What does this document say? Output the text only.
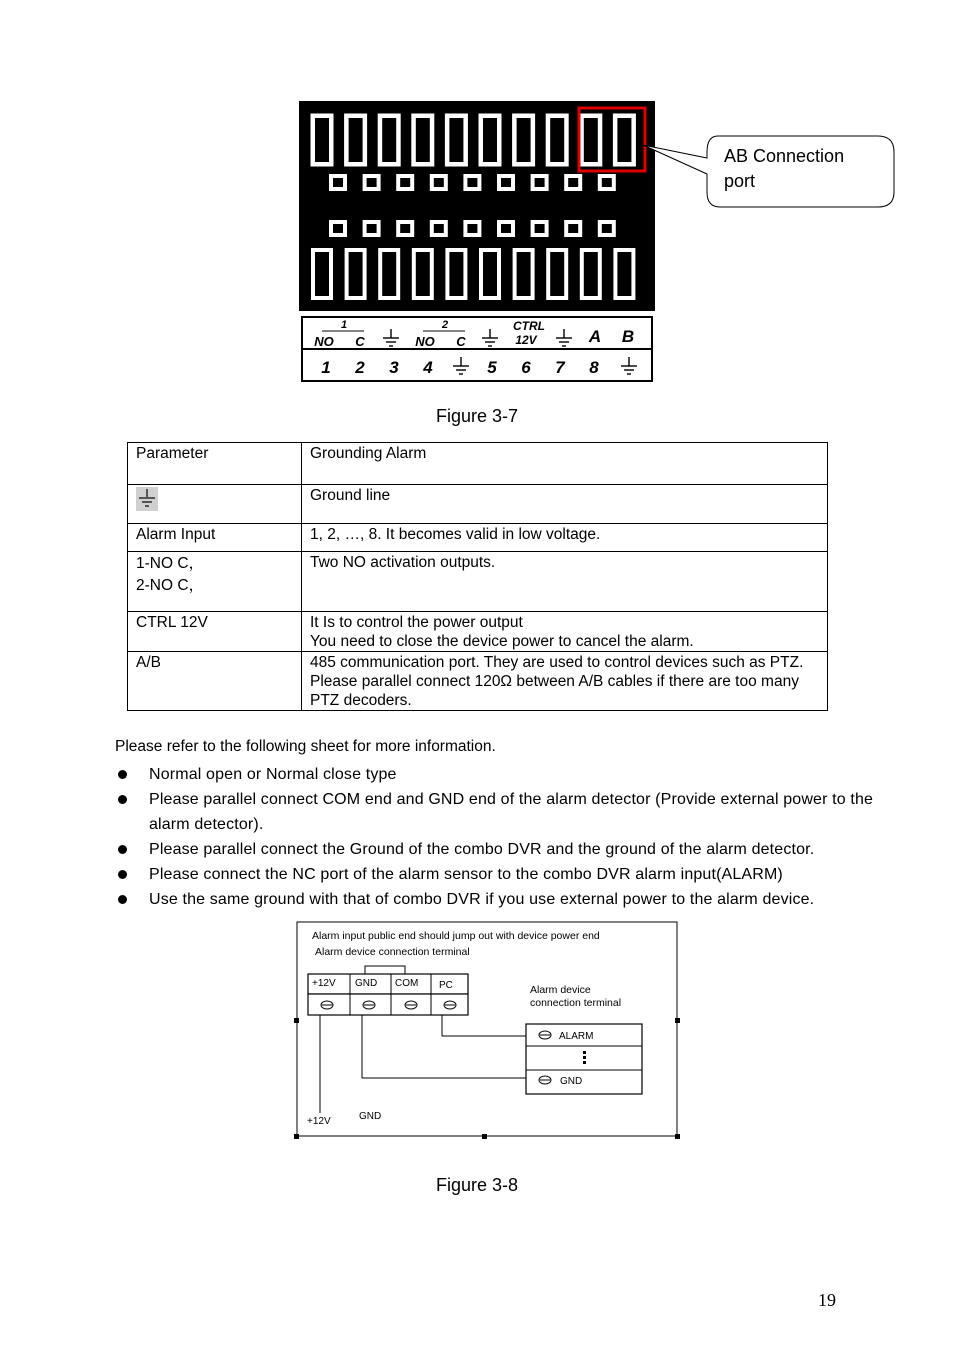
1
NO C
2
NO C
CTRL
12V	A B
1 2 3 4	5 6 7 8
AB Connection
port
Figure 3-7
Parameter	Grounding Alarm
	Ground line
Alarm Input	1, 2, …, 8. It becomes valid in low voltage.
1-NO C，
2-NO C，	Two NO activation outputs.
CTRL 12V	It Is to control the power output
You need to close the device power to cancel the alarm.
A/B	485 communication port. They are used to control devices such as PTZ. Please parallel connect 120Ω between A/B cables if there are too many PTZ decoders.
Please refer to the following sheet for more information.
Normal open or Normal close type
Please parallel connect COM end and GND end of the alarm detector (Provide external power to the alarm detector).
Please parallel connect the Ground of the combo DVR and the ground of the alarm detector.
Please connect the NC port of the alarm sensor to the combo DVR alarm input(ALARM)
Use the same ground with that of combo DVR if you use external power to the alarm device.
Alarm input public end should jump out with device power end
Alarm device connection terminal
+12V GND COM PC	Alarm device
connection terminal
ALARM
GND
+12V	GND
Figure 3-8
19
